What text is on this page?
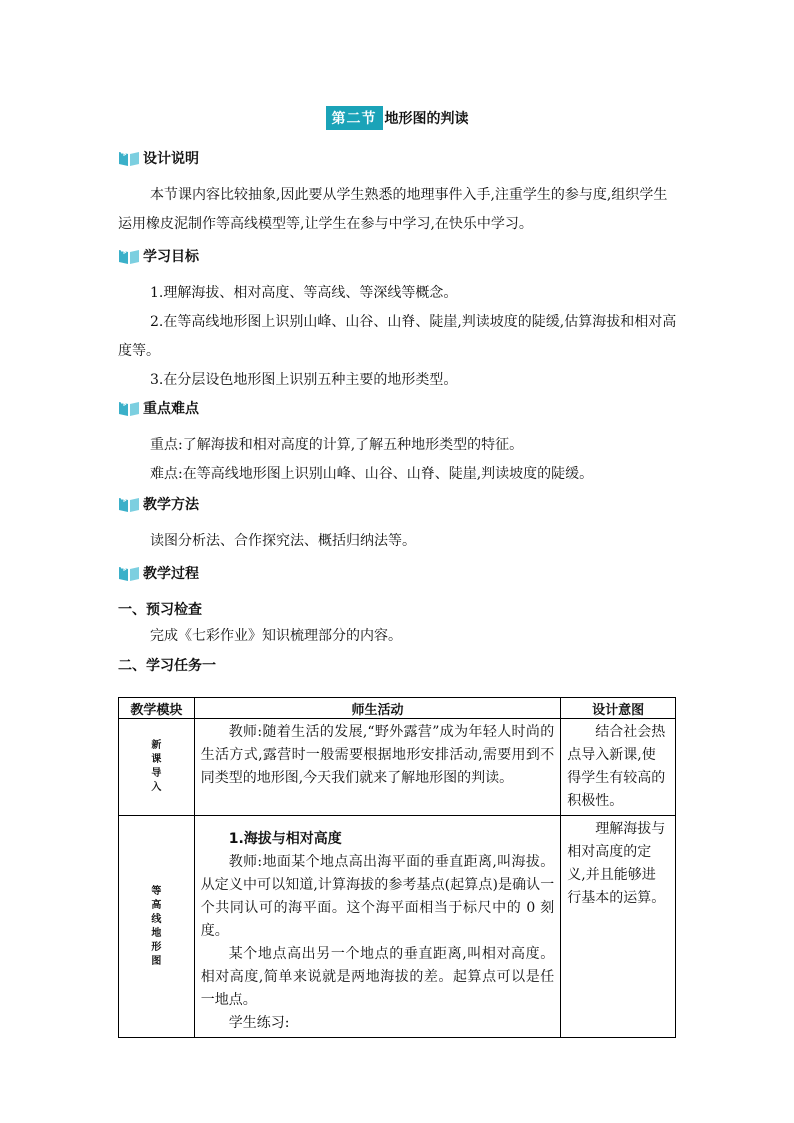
第二节 地形图的判读
设计说明
本节课内容比较抽象,因此要从学生熟悉的地理事件入手,注重学生的参与度,组织学生运用橡皮泥制作等高线模型等,让学生在参与中学习,在快乐中学习。
学习目标
1.理解海拔、相对高度、等高线、等深线等概念。
2.在等高线地形图上识别山峰、山谷、山脊、陡崖,判读坡度的陡缓,估算海拔和相对高度等。
3.在分层设色地形图上识别五种主要的地形类型。
重点难点
重点:了解海拔和相对高度的计算,了解五种地形类型的特征。
难点:在等高线地形图上识别山峰、山谷、山脊、陡崖,判读坡度的陡缓。
教学方法
读图分析法、合作探究法、概括归纳法等。
教学过程
一、预习检查
完成《七彩作业》知识梳理部分的内容。
二、学习任务一
教学模块	师生活动	设计意图

新课导入	教师:随着生活的发展,“野外露营”成为年轻人时尚的生活方式,露营时一般需要根据地形安排活动,需要用到不同类型的地形图,今天我们就来了解地形图的判读。	结合社会热点导入新课,使得学生有较高的积极性。

等高线地形图	1.海拔与相对高度
教师:地面某个地点高出海平面的垂直距离,叫海拔。从定义中可以知道,计算海拔的参考基点(起算点)是确认一个共同认可的海平面。这个海平面相当于标尺中的 0 刻度。
某个地点高出另一个地点的垂直距离,叫相对高度。相对高度,简单来说就是两地海拔的差。起算点可以是任一地点。
学生练习:	理解海拔与相对高度的定义,并且能够进行基本的运算。
